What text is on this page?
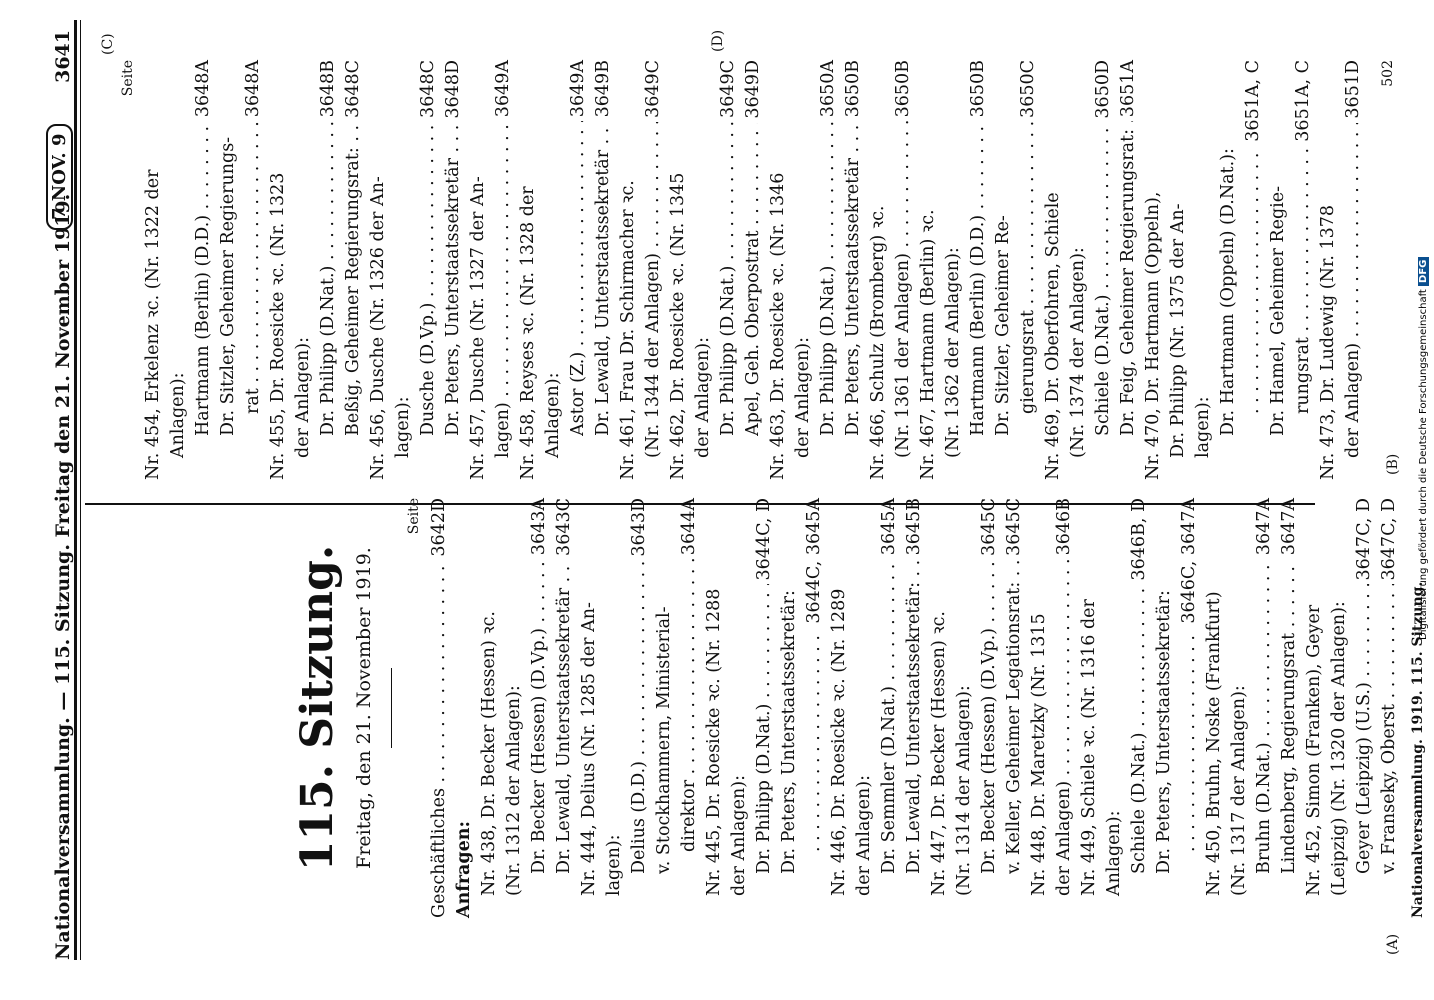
Nationalversammlung. — 115. Sitzung. Freitag den 21. November 1919.
7 NOV. 9
3641
(A)
(B)
(C)	(D)
115. Sitzung. Freitag, den 21. November 1919.
Seite
Geschäftliches . . .
3642D
Anfragen: Nr. 438, Dr. Becker (Hessen) ꝛc. (Nr. 1312 der Anlagen): Dr. Becker (Hessen) (D.Vp.) . . .
3643A
Dr. Lewald, Unterstaatssekretär . . .
3643C
Nr. 444, Delius (Nr. 1285 der An- lagen): Delius (D.D.) . . .
3643D
v. Stockhammern, Ministerial- direktor . . .
3644A
Nr. 445, Dr. Roesicke ꝛc. (Nr. 1288 der Anlagen): Dr. Philipp (D.Nat.) . . .
3644C, D
Dr. Peters, Unterstaatssekretär:
. . .
3644C, 3645A
Nr. 446, Dr. Roesicke ꝛc. (Nr. 1289 der Anlagen): Dr. Semmler (D.Nat.) . . .
3645A
Dr. Lewald, Unterstaatssekretär: . . .
3645B
Nr. 447, Dr. Becker (Hessen) ꝛc. (Nr. 1314 der Anlagen): Dr. Becker (Hessen) (D.Vp.) . . .
3645C
v. Keller, Geheimer Legationsrat: . . .
3645C
Nr. 448, Dr. Maretzky (Nr. 1315 der Anlagen) . . .
3646B
Nr. 449, Schiele ꝛc. (Nr. 1316 der Anlagen): Schiele (D.Nat.) . . .
3646B, D
Dr. Peters, Unterstaatssekretär:
. . .
3646C, 3647A
Nr. 450, Bruhn, Noske (Frankfurt) (Nr. 1317 der Anlagen): Bruhn (D.Nat.) . . .
3647A
Lindenberg, Regierungsrat . . .
3647A
Nr. 452, Simon (Franken), Geyer (Leipzig) (Nr. 1320 der Anlagen): Geyer (Leipzig) (U.S.) . . .
3647C, D
v. Franseky, Oberst . . .
3647C, D
Nationalversammlung. 1919. 115. Sitzung.
Seite
Nr. 454, Erkelenz ꝛc. (Nr. 1322 der Anlagen): Hartmann (Berlin) (D.D.) . . .
3648A
Dr. Sitzler, Geheimer Regierungs- rat . . .
3648A
Nr. 455, Dr. Roesicke ꝛc. (Nr. 1323 der Anlagen): Dr. Philipp (D.Nat.) . . .
3648B
Beßig, Geheimer Regierungsrat: . . .
3648C
Nr. 456, Dusche (Nr. 1326 der An- lagen): Dusche (D.Vp.) . . .
3648C
Dr. Peters, Unterstaatssekretär . . .
3648D
Nr. 457, Dusche (Nr. 1327 der An- lagen) . . .
3649A
Nr. 458, Reyses ꝛc. (Nr. 1328 der Anlagen): Astor (Z.) . . .
3649A
Dr. Lewald, Unterstaatssekretär . . .
3649B
Nr. 461, Frau Dr. Schirmacher ꝛc. (Nr. 1344 der Anlagen) . . .
3649C
Nr. 462, Dr. Roesicke ꝛc. (Nr. 1345 der Anlagen): Dr. Philipp (D.Nat.) . . .
3649C
Apel, Geh. Oberpostrat . . .
3649D
Nr. 463, Dr. Roesicke ꝛc. (Nr. 1346 der Anlagen): Dr. Philipp (D.Nat.) . . .
3650A
Dr. Peters, Unterstaatssekretär . . .
3650B
Nr. 466, Schulz (Bromberg) ꝛc. (Nr. 1361 der Anlagen) . . .
3650B
Nr. 467, Hartmann (Berlin) ꝛc. (Nr. 1362 der Anlagen): Hartmann (Berlin) (D.D.) . . .
3650B
Dr. Sitzler, Geheimer Re- gierungsrat . . .
3650C
Nr. 469, Dr. Oberfohren, Schiele (Nr. 1374 der Anlagen): Schiele (D.Nat.) . . .
3650D
Dr. Feig, Geheimer Regierungsrat: . . .
3651A
Nr. 470, Dr. Hartmann (Oppeln), Dr. Philipp (Nr. 1375 der An- lagen): Dr. Hartmann (Oppeln) (D.Nat.):
. . .
3651A, C
Dr. Hamel, Geheimer Regie- rungsrat . . .
3651A, C
Nr. 473, Dr. Ludewig (Nr. 1378 der Anlagen) . . .
3651D 502
Digitalisierung gefördert durch die Deutsche Forschungsgemeinschaft DFG
